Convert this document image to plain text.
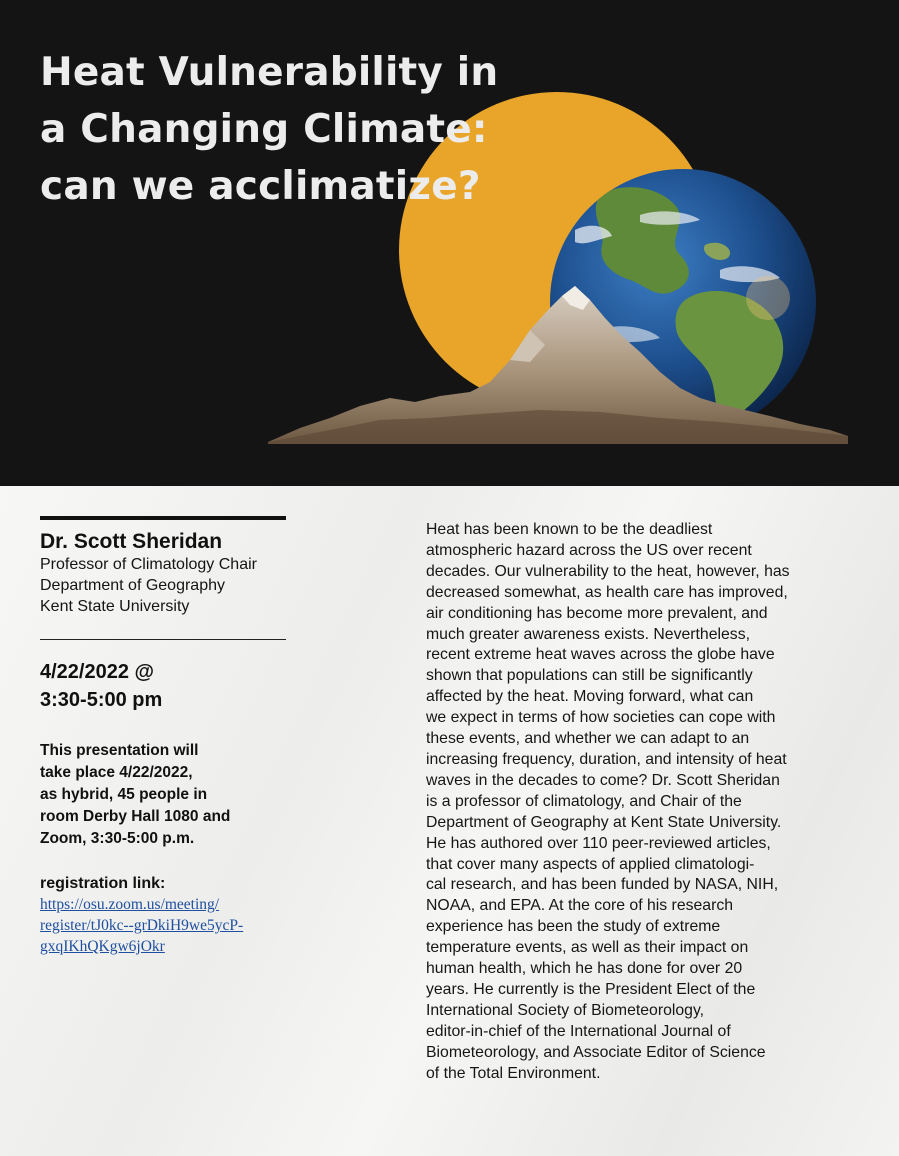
Heat Vulnerability in
a Changing Climate:
can we acclimatize?
Dr. Scott Sheridan
Professor of Climatology Chair
Department of Geography
Kent State University
4/22/2022 @
3:30-5:00 pm
This presentation will
take place 4/22/2022,
as hybrid, 45 people in
room Derby Hall 1080 and
Zoom, 3:30-5:00 p.m.
registration link:
https://osu.zoom.us/meeting/
register/tJ0kc--grDkiH9we5ycP-
gxqIKhQKgw6jOkr
Heat has been known to be the deadliest
atmospheric hazard across the US over recent
decades. Our vulnerability to the heat, however, has
decreased somewhat, as health care has improved,
air conditioning has become more prevalent, and
much greater awareness exists. Nevertheless,
recent extreme heat waves across the globe have
shown that populations can still be significantly
affected by the heat. Moving forward, what can
we expect in terms of how societies can cope with
these events, and whether we can adapt to an
increasing frequency, duration, and intensity of heat
waves in the decades to come? Dr. Scott Sheridan
is a professor of climatology, and Chair of the
Department of Geography at Kent State University.
He has authored over 110 peer-reviewed articles,
that cover many aspects of applied climatologi-
cal research, and has been funded by NASA, NIH,
NOAA, and EPA. At the core of his research
experience has been the study of extreme
temperature events, as well as their impact on
human health, which he has done for over 20
years. He currently is the President Elect of the
International Society of Biometeorology,
editor-in-chief of the International Journal of
Biometeorology, and Associate Editor of Science
of the Total Environment.
